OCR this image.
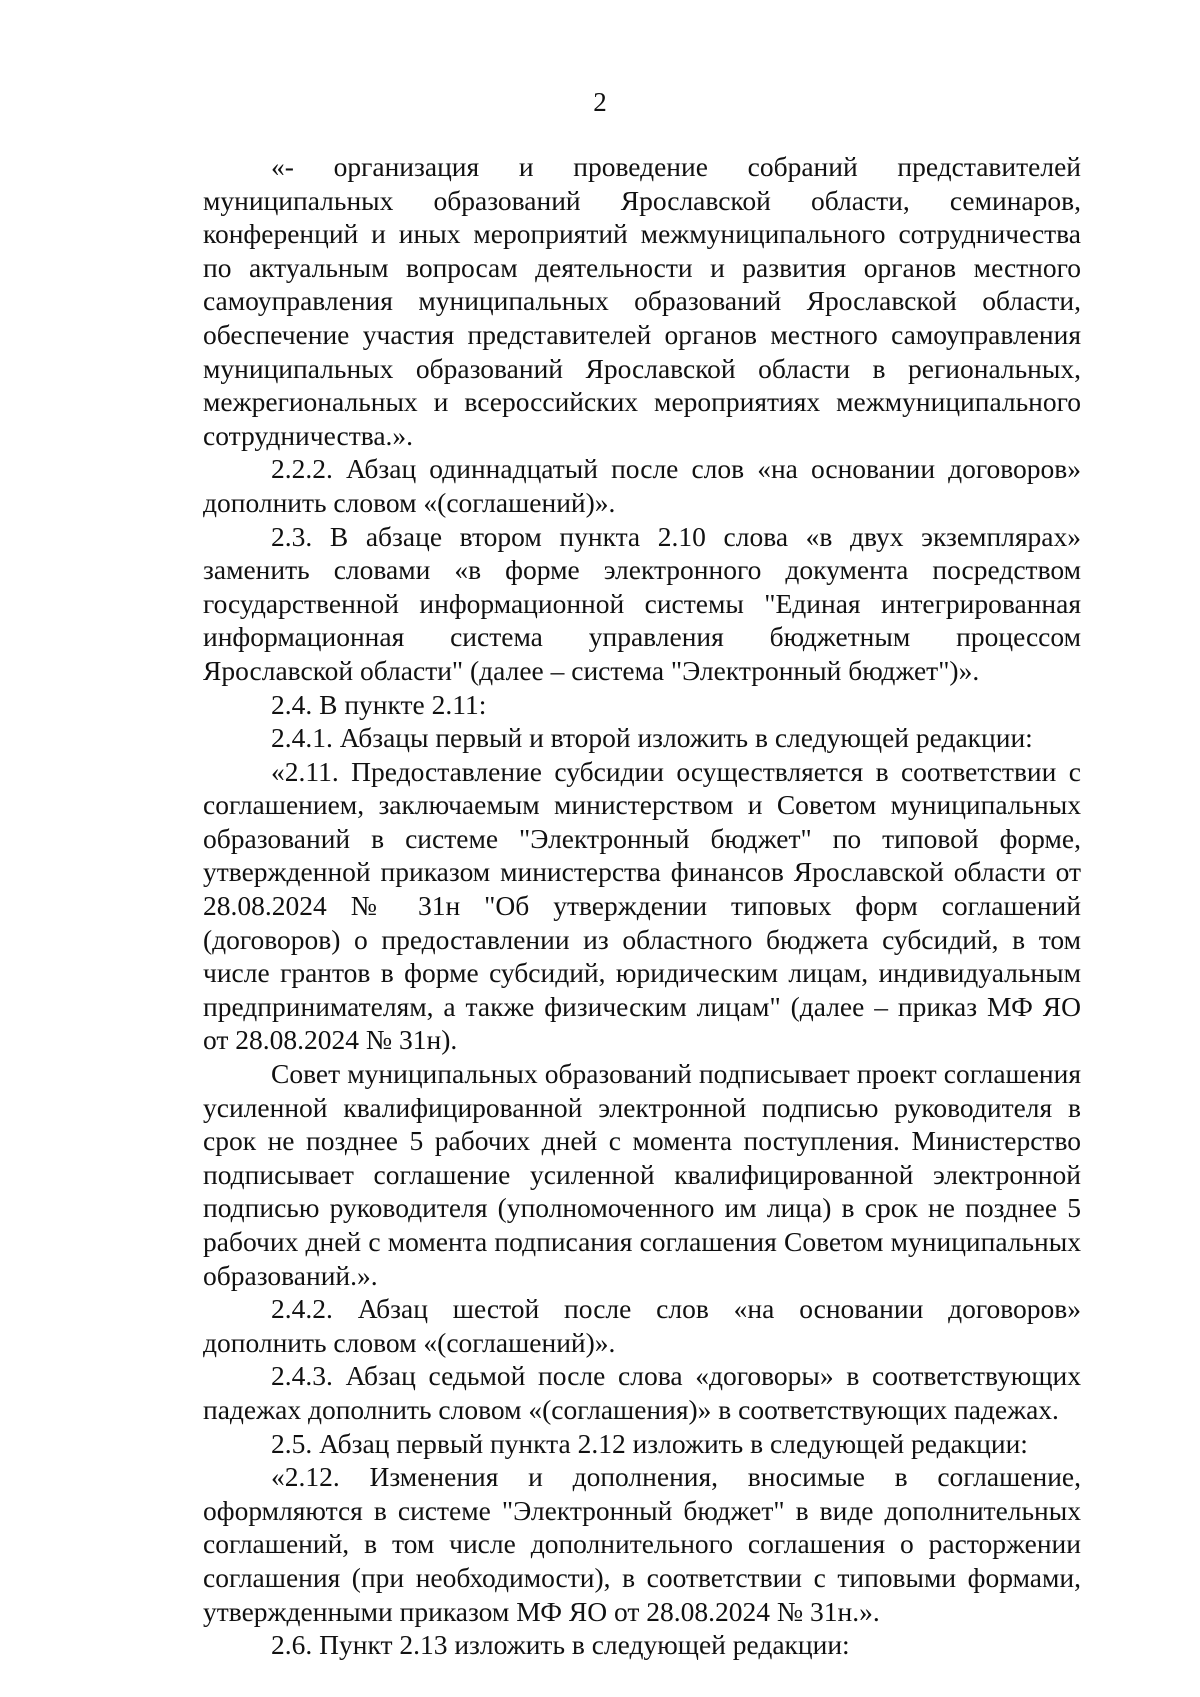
2

«- организация и проведение собраний представителей муниципальных образований Ярославской области, семинаров, конференций и иных мероприятий межмуниципального сотрудничества по актуальным вопросам деятельности и развития органов местного самоуправления муниципальных образований Ярославской области, обеспечение участия представителей органов местного самоуправления муниципальных образований Ярославской области в региональных, межрегиональных и всероссийских мероприятиях межмуниципального сотрудничества.».

2.2.2. Абзац одиннадцатый после слов «на основании договоров» дополнить словом «(соглашений)».

2.3. В абзаце втором пункта 2.10 слова «в двух экземплярах» заменить словами «в форме электронного документа посредством государственной информационной системы "Единая интегрированная информационная система управления бюджетным процессом Ярославской области" (далее – система "Электронный бюджет")».

2.4. В пункте 2.11:

2.4.1. Абзацы первый и второй изложить в следующей редакции:

«2.11. Предоставление субсидии осуществляется в соответствии с соглашением, заключаемым министерством и Советом муниципальных образований в системе "Электронный бюджет" по типовой форме, утвержденной приказом министерства финансов Ярославской области от 28.08.2024 № 31н "Об утверждении типовых форм соглашений (договоров) о предоставлении из областного бюджета субсидий, в том числе грантов в форме субсидий, юридическим лицам, индивидуальным предпринимателям, а также физическим лицам" (далее – приказ МФ ЯО от 28.08.2024 № 31н).

Совет муниципальных образований подписывает проект соглашения усиленной квалифицированной электронной подписью руководителя в срок не позднее 5 рабочих дней с момента поступления. Министерство подписывает соглашение усиленной квалифицированной электронной подписью руководителя (уполномоченного им лица) в срок не позднее 5 рабочих дней с момента подписания соглашения Советом муниципальных образований.».

2.4.2. Абзац шестой после слов «на основании договоров» дополнить словом «(соглашений)».

2.4.3. Абзац седьмой после слова «договоры» в соответствующих падежах дополнить словом «(соглашения)» в соответствующих падежах.

2.5. Абзац первый пункта 2.12 изложить в следующей редакции:

«2.12. Изменения и дополнения, вносимые в соглашение, оформляются в системе "Электронный бюджет" в виде дополнительных соглашений, в том числе дополнительного соглашения о расторжении соглашения (при необходимости), в соответствии с типовыми формами, утвержденными приказом МФ ЯО от 28.08.2024 № 31н.».

2.6. Пункт 2.13 изложить в следующей редакции:
